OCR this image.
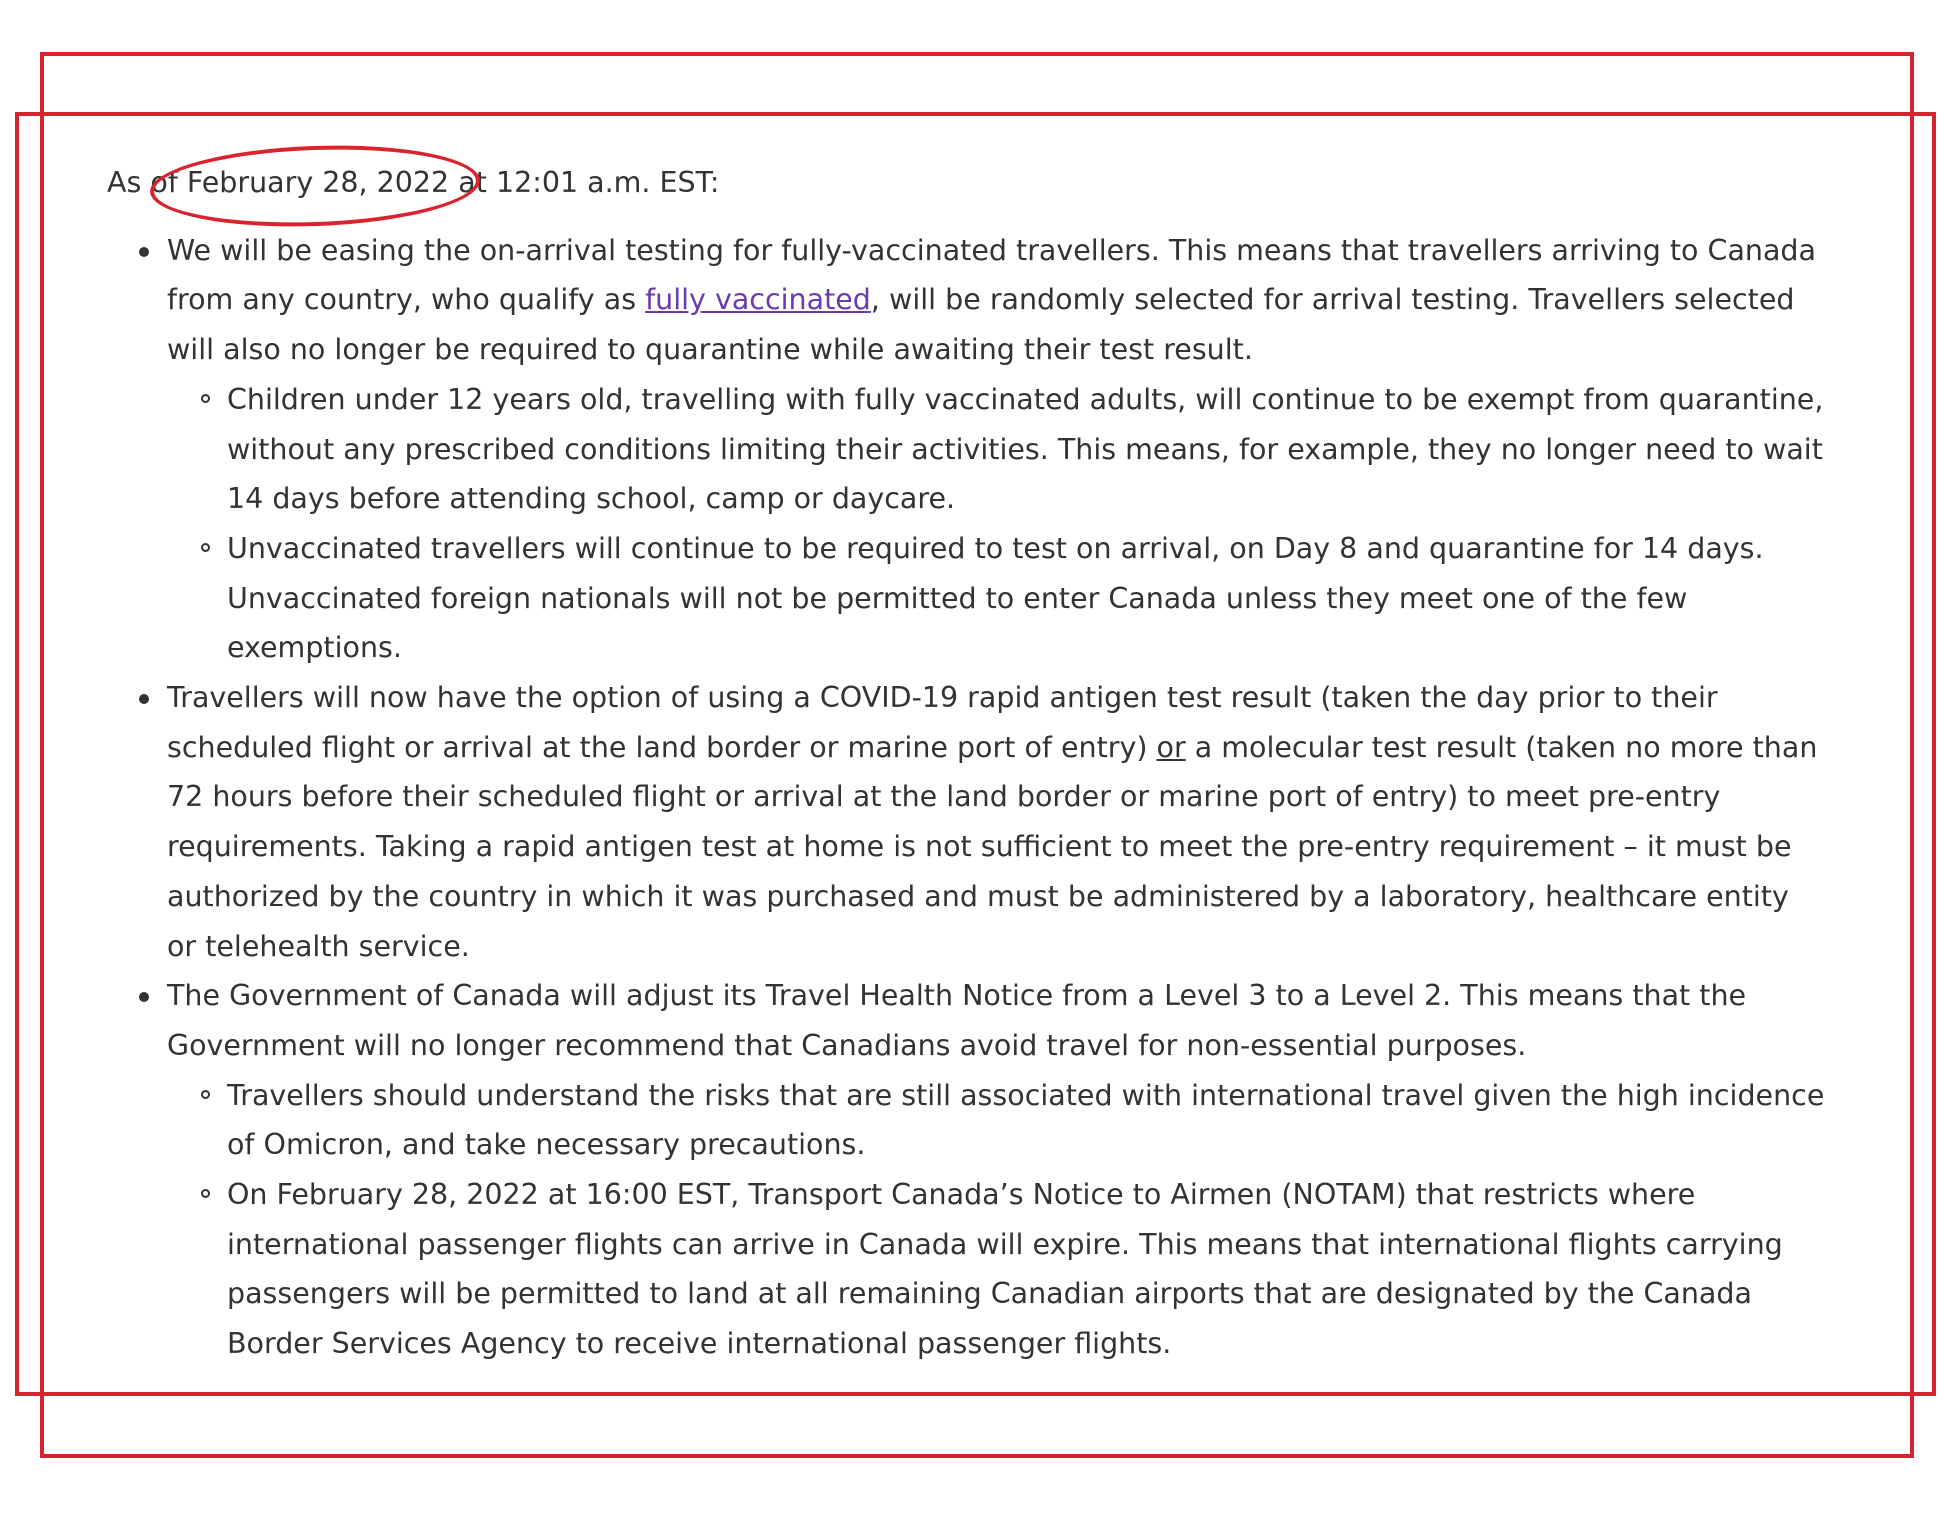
As of February 28, 2022 at 12:01 a.m. EST:

We will be easing the on-arrival testing for fully-vaccinated travellers. This means that travellers arriving to Canada from any country, who qualify as fully vaccinated, will be randomly selected for arrival testing. Travellers selected will also no longer be required to quarantine while awaiting their test result.
Children under 12 years old, travelling with fully vaccinated adults, will continue to be exempt from quarantine, without any prescribed conditions limiting their activities. This means, for example, they no longer need to wait 14 days before attending school, camp or daycare.
Unvaccinated travellers will continue to be required to test on arrival, on Day 8 and quarantine for 14 days. Unvaccinated foreign nationals will not be permitted to enter Canada unless they meet one of the few exemptions.
Travellers will now have the option of using a COVID-19 rapid antigen test result (taken the day prior to their scheduled flight or arrival at the land border or marine port of entry) or a molecular test result (taken no more than 72 hours before their scheduled flight or arrival at the land border or marine port of entry) to meet pre-entry requirements. Taking a rapid antigen test at home is not sufficient to meet the pre-entry requirement – it must be authorized by the country in which it was purchased and must be administered by a laboratory, healthcare entity or telehealth service.
The Government of Canada will adjust its Travel Health Notice from a Level 3 to a Level 2. This means that the Government will no longer recommend that Canadians avoid travel for non-essential purposes.
Travellers should understand the risks that are still associated with international travel given the high incidence of Omicron, and take necessary precautions.
On February 28, 2022 at 16:00 EST, Transport Canada’s Notice to Airmen (NOTAM) that restricts where international passenger flights can arrive in Canada will expire. This means that international flights carrying passengers will be permitted to land at all remaining Canadian airports that are designated by the Canada Border Services Agency to receive international passenger flights.
